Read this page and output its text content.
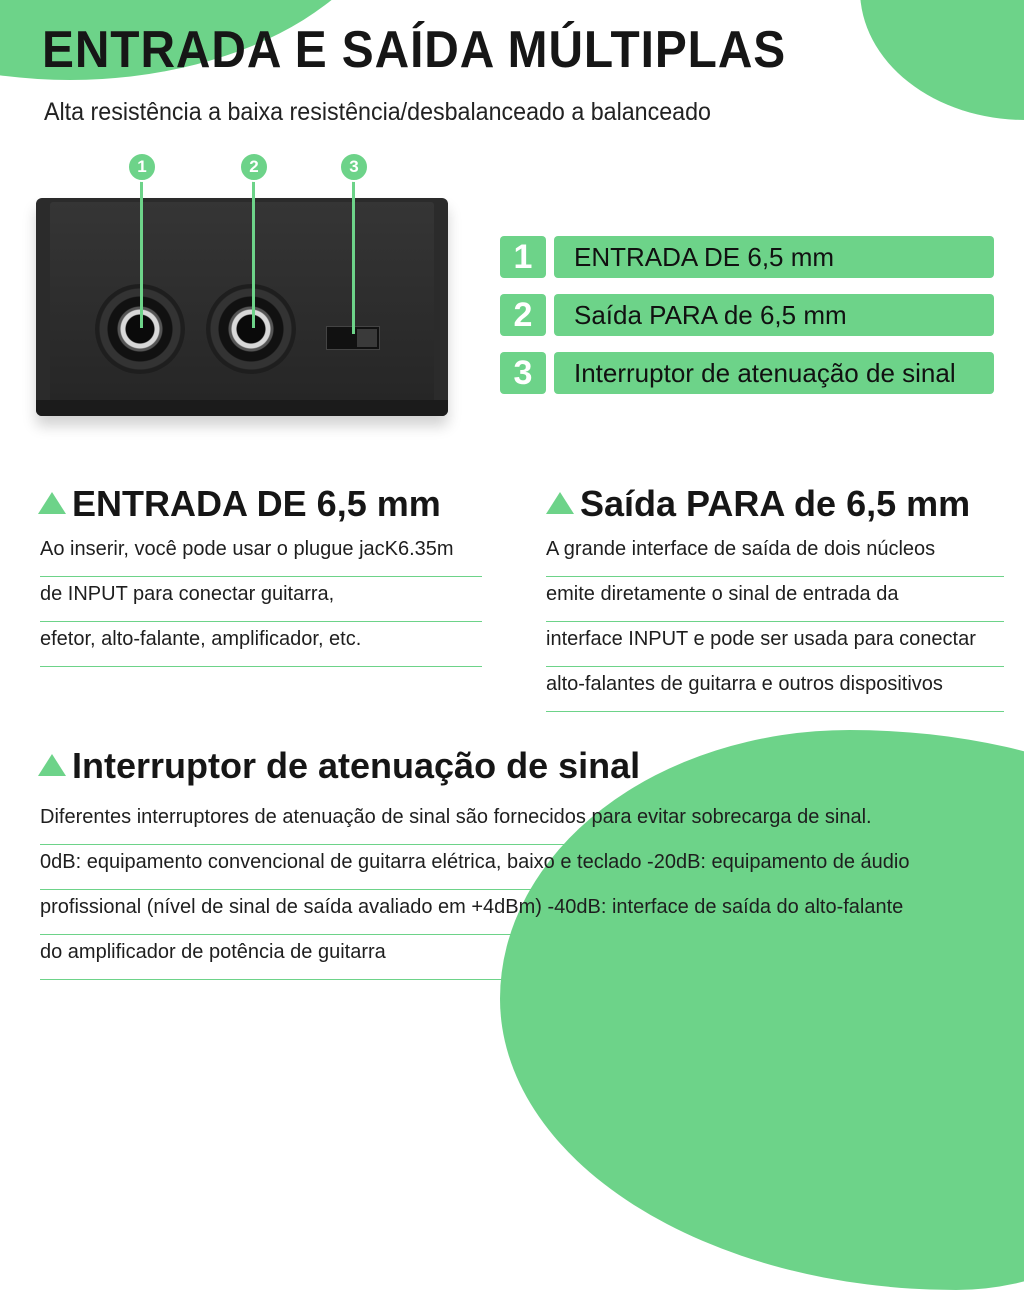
ENTRADA E SAÍDA MÚLTIPLAS
Alta resistência a baixa resistência/desbalanceado a balanceado
1	2	3
1	ENTRADA DE 6,5 mm
2	Saída PARA de 6,5 mm
3	Interruptor de atenuação de sinal
ENTRADA DE 6,5 mm
Ao inserir, você pode usar o plugue jacK6.35m
de INPUT para conectar guitarra,
efetor, alto-falante, amplificador, etc.
Saída PARA de 6,5 mm
A grande interface de saída de dois núcleos
emite diretamente o sinal de entrada da
interface INPUT e pode ser usada para conectar
alto-falantes de guitarra e outros dispositivos
Interruptor de atenuação de sinal
Diferentes interruptores de atenuação de sinal são fornecidos para evitar sobrecarga de sinal.
0dB: equipamento convencional de guitarra elétrica, baixo e teclado -20dB: equipamento de áudio
profissional (nível de sinal de saída avaliado em +4dBm) -40dB: interface de saída do alto-falante
do amplificador de potência de guitarra
